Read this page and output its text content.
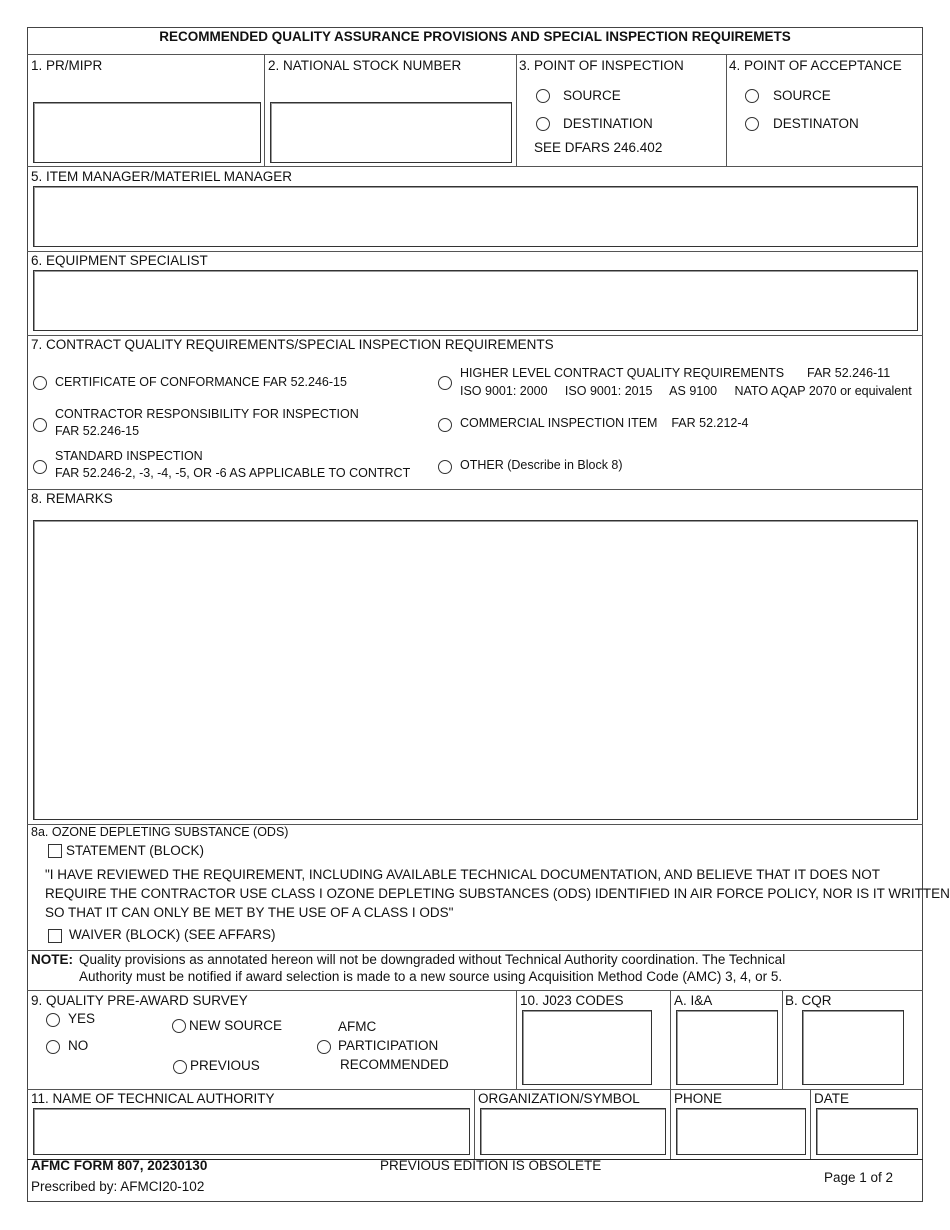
RECOMMENDED QUALITY ASSURANCE PROVISIONS AND SPECIAL INSPECTION REQUIREMETS
1. PR/MIPR	2. NATIONAL STOCK NUMBER	3. POINT OF INSPECTION
SOURCE
DESTINATION
SEE DFARS 246.402
4. POINT OF ACCEPTANCE
SOURCE
DESTINATON
5. ITEM MANAGER/MATERIEL MANAGER
6. EQUIPMENT SPECIALIST
7. CONTRACT QUALITY REQUIREMENTS/SPECIAL INSPECTION REQUIREMENTS
CERTIFICATE OF CONFORMANCE FAR 52.246-15
CONTRACTOR RESPONSIBILITY FOR INSPECTION
FAR 52.246-15
STANDARD INSPECTION
FAR 52.246-2, -3, -4, -5, OR -6 AS APPLICABLE TO CONTRCT
HIGHER LEVEL CONTRACT QUALITY REQUIREMENTS FAR 52.246-11
ISO 9001: 2000     ISO 9001: 2015     AS 9100     NATO AQAP 2070 or equivalent
COMMERCIAL INSPECTION ITEM    FAR 52.212-4
OTHER (Describe in Block 8)
8. REMARKS
8a. OZONE DEPLETING SUBSTANCE (ODS)
STATEMENT (BLOCK)
"I HAVE REVIEWED THE REQUIREMENT, INCLUDING AVAILABLE TECHNICAL DOCUMENTATION, AND BELIEVE THAT IT DOES NOT
REQUIRE THE CONTRACTOR USE CLASS I OZONE DEPLETING SUBSTANCES (ODS) IDENTIFIED IN AIR FORCE POLICY, NOR IS IT WRITTEN
SO THAT IT CAN ONLY BE MET BY THE USE OF A CLASS I ODS"
WAIVER (BLOCK) (SEE AFFARS)
NOTE: Quality provisions as annotated hereon will not be downgraded without Technical Authority coordination. The Technical
Authority must be notified if award selection is made to a new source using Acquisition Method Code (AMC) 3, 4, or 5.
9. QUALITY PRE-AWARD SURVEY
YES
NO
NEW SOURCE
PREVIOUS
AFMC
PARTICIPATION
RECOMMENDED
10. J023 CODES	A. I&A	B. CQR
11. NAME OF TECHNICAL AUTHORITY	ORGANIZATION/SYMBOL	PHONE	DATE
AFMC FORM 807, 20230130
Prescribed by: AFMCI20-102
PREVIOUS EDITION IS OBSOLETE
Page 1 of 2
